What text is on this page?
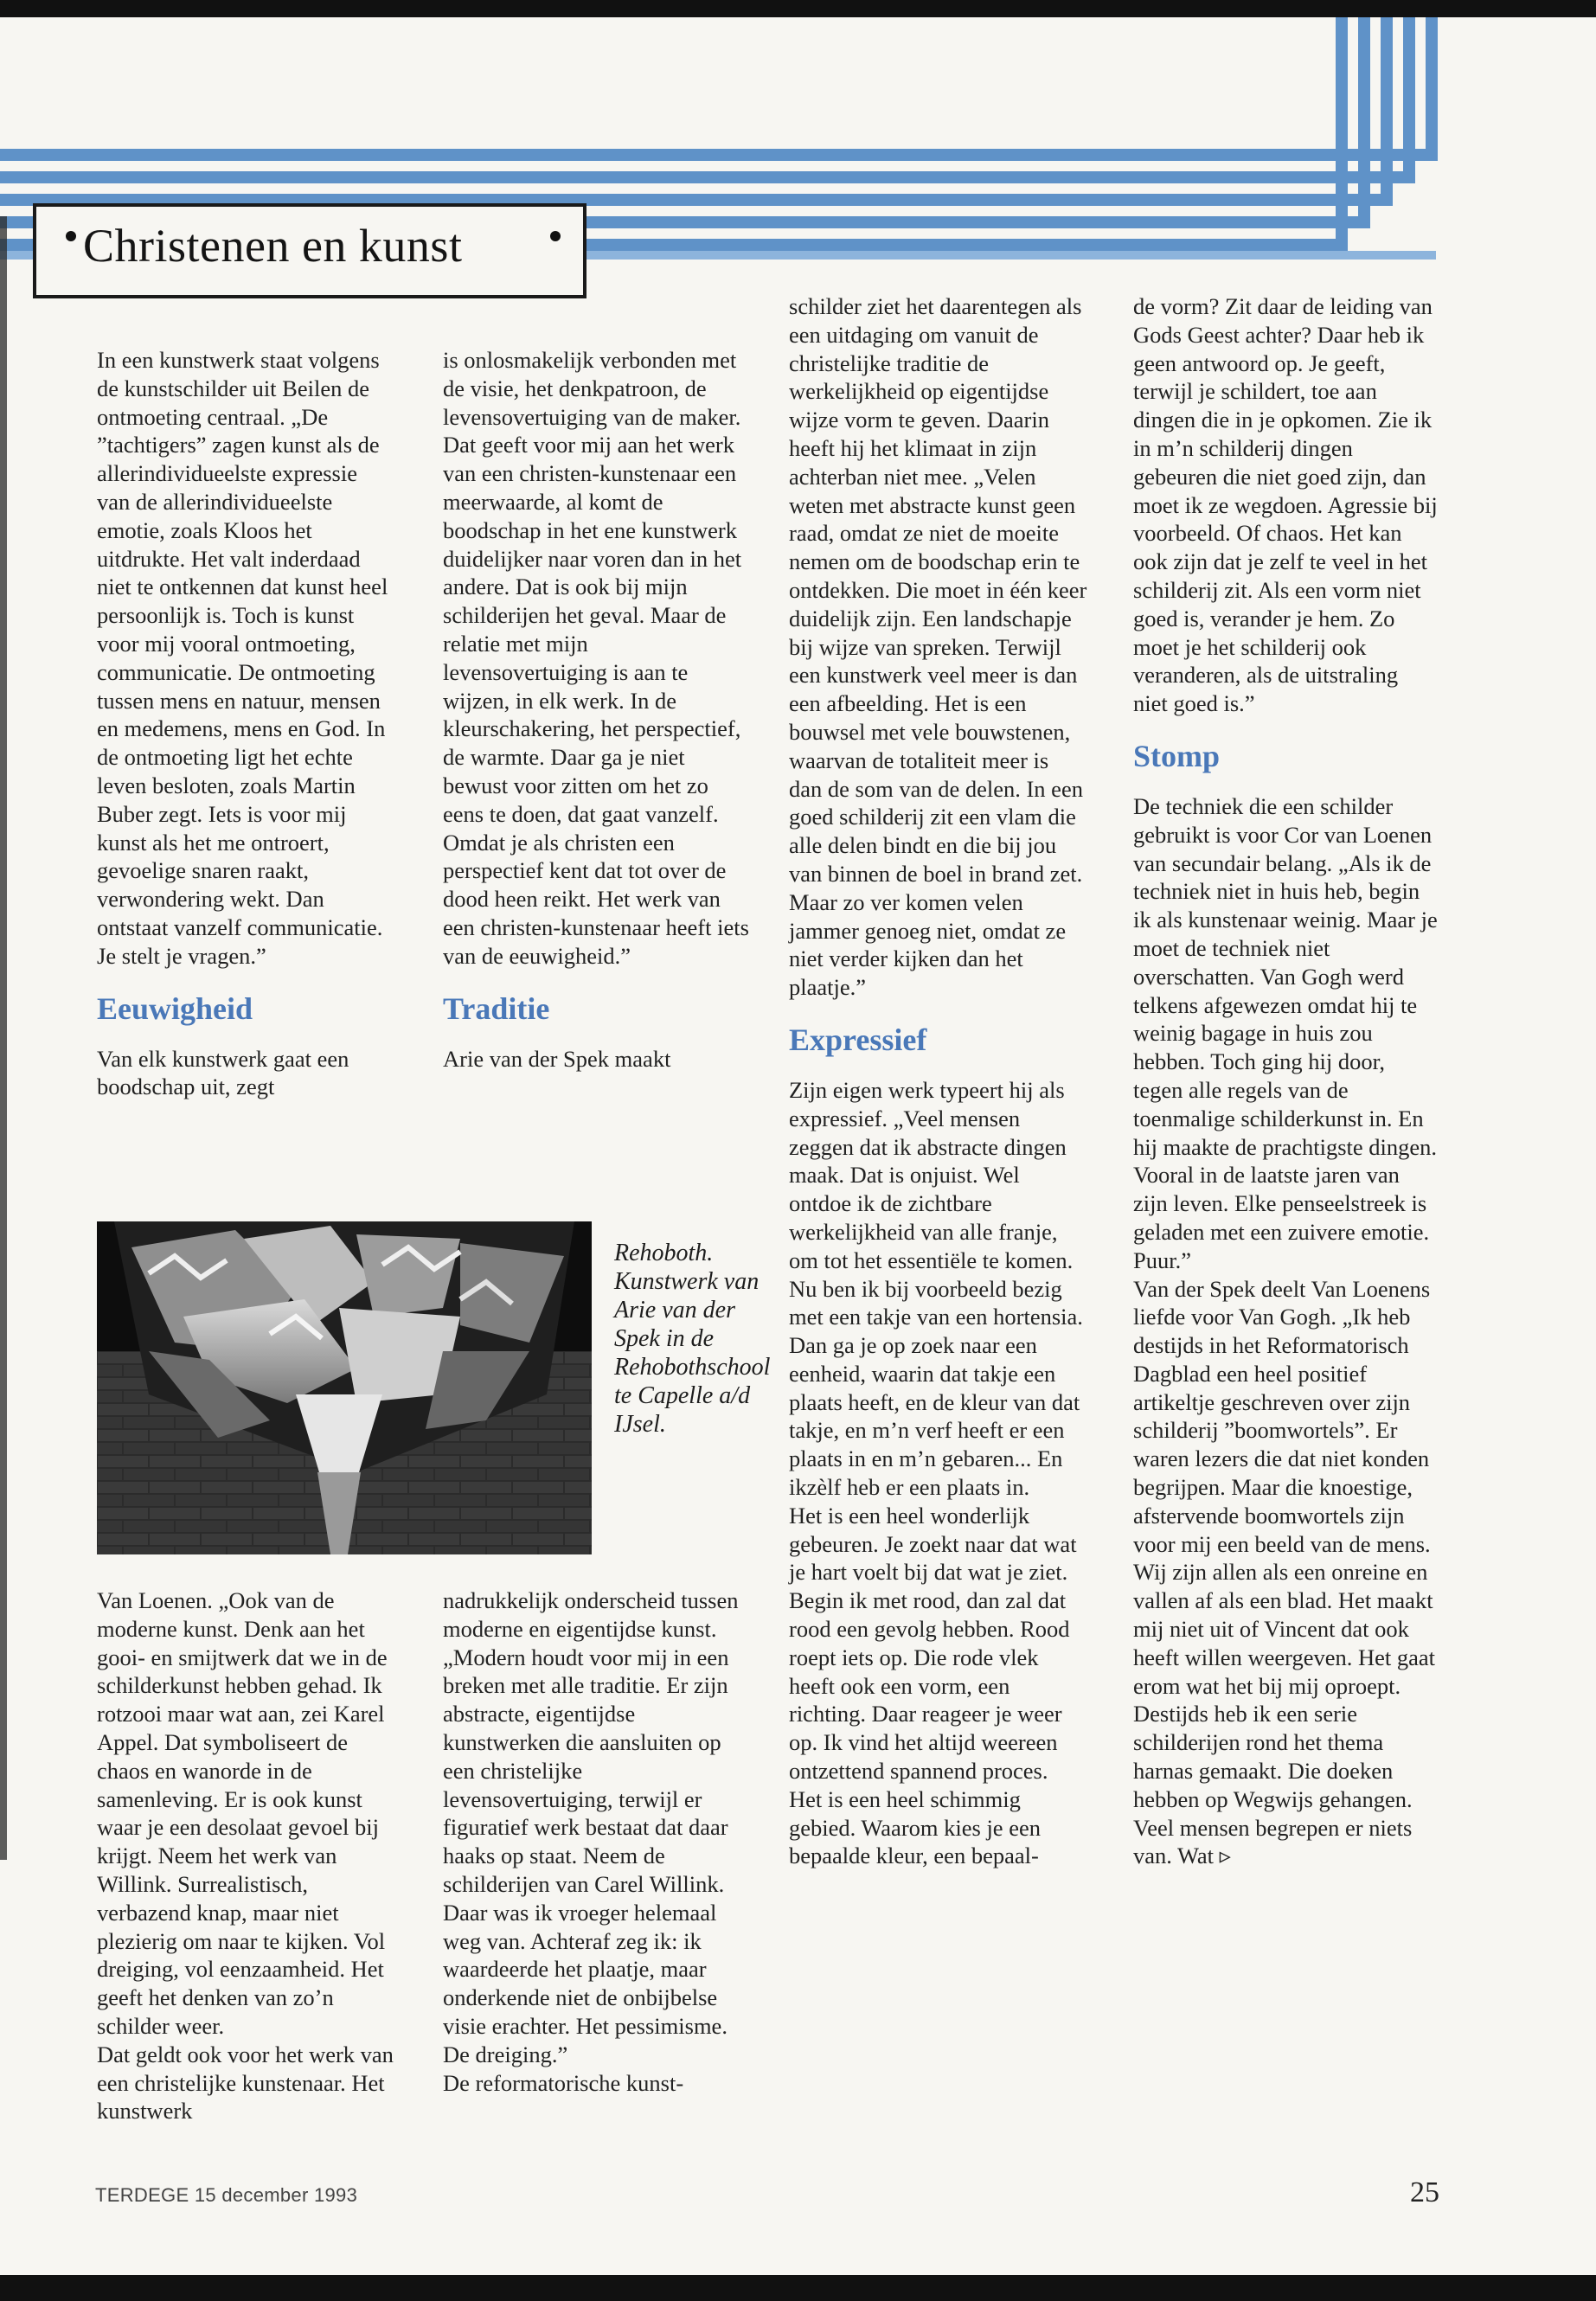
Christenen en kunst

In een kunstwerk staat volgens de kunstschilder uit Beilen de ontmoeting centraal. „De ”tachtigers” zagen kunst als de allerindividueelste expressie van de allerindividueelste emotie, zoals Kloos het uitdrukte. Het valt inderdaad niet te ontkennen dat kunst heel persoonlijk is. Toch is kunst voor mij vooral ontmoeting, communicatie. De ontmoeting tussen mens en natuur, mensen en medemens, mens en God. In de ontmoeting ligt het echte leven besloten, zoals Martin Buber zegt. Iets is voor mij kunst als het me ontroert, gevoelige snaren raakt, verwondering wekt. Dan ontstaat vanzelf communicatie. Je stelt je vragen.”

Eeuwigheid

Van elk kunstwerk gaat een boodschap uit, zegt

is onlosmakelijk verbonden met de visie, het denkpatroon, de levensovertuiging van de maker. Dat geeft voor mij aan het werk van een christen-kunstenaar een meerwaarde, al komt de boodschap in het ene kunstwerk duidelijker naar voren dan in het andere. Dat is ook bij mijn schilderijen het geval. Maar de relatie met mijn levensovertuiging is aan te wijzen, in elk werk. In de kleurschakering, het perspectief, de warmte. Daar ga je niet bewust voor zitten om het zo eens te doen, dat gaat vanzelf. Omdat je als christen een perspectief kent dat tot over de dood heen reikt. Het werk van een christen-kunstenaar heeft iets van de eeuwigheid.”

Traditie

Arie van der Spek maakt

schilder ziet het daarentegen als een uitdaging om vanuit de christelijke traditie de werkelijkheid op eigentijdse wijze vorm te geven. Daarin heeft hij het klimaat in zijn achterban niet mee. „Velen weten met abstracte kunst geen raad, omdat ze niet de moeite nemen om de boodschap erin te ontdekken. Die moet in één keer duidelijk zijn. Een landschapje bij wijze van spreken. Terwijl een kunstwerk veel meer is dan een afbeelding. Het is een bouwsel met vele bouwstenen, waarvan de totaliteit meer is dan de som van de delen. In een goed schilderij zit een vlam die alle delen bindt en die bij jou van binnen de boel in brand zet. Maar zo ver komen velen jammer genoeg niet, omdat ze niet verder kijken dan het plaatje.”

Expressief

Zijn eigen werk typeert hij als expressief. „Veel mensen zeggen dat ik abstracte dingen maak. Dat is onjuist. Wel ontdoe ik de zichtbare werkelijkheid van alle franje, om tot het essentiële te komen. Nu ben ik bij voorbeeld bezig met een takje van een hortensia. Dan ga je op zoek naar een eenheid, waarin dat takje een plaats heeft, en de kleur van dat takje, en m’n verf heeft er een plaats in en m’n gebaren... En ikzèlf heb er een plaats in.

Het is een heel wonderlijk gebeuren. Je zoekt naar dat wat je hart voelt bij dat wat je ziet. Begin ik met rood, dan zal dat rood een gevolg hebben. Rood roept iets op. Die rode vlek heeft ook een vorm, een richting. Daar reageer je weer op. Ik vind het altijd weereen ontzettend spannend proces.

Het is een heel schimmig gebied. Waarom kies je een bepaalde kleur, een bepaal-

de vorm? Zit daar de leiding van Gods Geest achter? Daar heb ik geen antwoord op. Je geeft, terwijl je schildert, toe aan dingen die in je opkomen. Zie ik in m’n schilderij dingen gebeuren die niet goed zijn, dan moet ik ze wegdoen. Agressie bij voorbeeld. Of chaos. Het kan ook zijn dat je zelf te veel in het schilderij zit. Als een vorm niet goed is, verander je hem. Zo moet je het schilderij ook veranderen, als de uitstraling niet goed is.”

Stomp

De techniek die een schilder gebruikt is voor Cor van Loenen van secundair belang. „Als ik de techniek niet in huis heb, begin ik als kunstenaar weinig. Maar je moet de techniek niet overschatten. Van Gogh werd telkens afgewezen omdat hij te weinig bagage in huis zou hebben. Toch ging hij door, tegen alle regels van de toenmalige schilderkunst in. En hij maakte de prachtigste dingen. Vooral in de laatste jaren van zijn leven. Elke penseelstreek is geladen met een zuivere emotie. Puur.”

Van der Spek deelt Van Loenens liefde voor Van Gogh. „Ik heb destijds in het Reformatorisch Dagblad een heel positief artikeltje geschreven over zijn schilderij ”boomwortels”. Er waren lezers die dat niet konden begrijpen. Maar die knoestige, afstervende boomwortels zijn voor mij een beeld van de mens. Wij zijn allen als een onreine en vallen af als een blad. Het maakt mij niet uit of Vincent dat ook heeft willen weergeven. Het gaat erom wat het bij mij oproept. Destijds heb ik een serie schilderijen rond het thema harnas gemaakt. Die doeken hebben op Wegwijs gehangen. Veel mensen begrepen er niets van. Wat ▹

Rehoboth. Kunstwerk van Arie van der Spek in de Rehobothschool te Capelle a/d IJsel.

Van Loenen. „Ook van de moderne kunst. Denk aan het gooi- en smijtwerk dat we in de schilderkunst hebben gehad. Ik rotzooi maar wat aan, zei Karel Appel. Dat symboliseert de chaos en wanorde in de samenleving. Er is ook kunst waar je een desolaat gevoel bij krijgt. Neem het werk van Willink. Surrealistisch, verbazend knap, maar niet plezierig om naar te kijken. Vol dreiging, vol eenzaamheid. Het geeft het denken van zo’n schilder weer.

Dat geldt ook voor het werk van een christelijke kunstenaar. Het kunstwerk

nadrukkelijk onderscheid tussen moderne en eigentijdse kunst. „Modern houdt voor mij in een breken met alle traditie. Er zijn abstracte, eigentijdse kunstwerken die aansluiten op een christelijke levensovertuiging, terwijl er figuratief werk bestaat dat daar haaks op staat. Neem de schilderijen van Carel Willink. Daar was ik vroeger helemaal weg van. Achteraf zeg ik: ik waardeerde het plaatje, maar onderkende niet de onbijbelse visie erachter. Het pessimisme. De dreiging.”

De reformatorische kunst-

TERDEGE 15 december 1993	25
